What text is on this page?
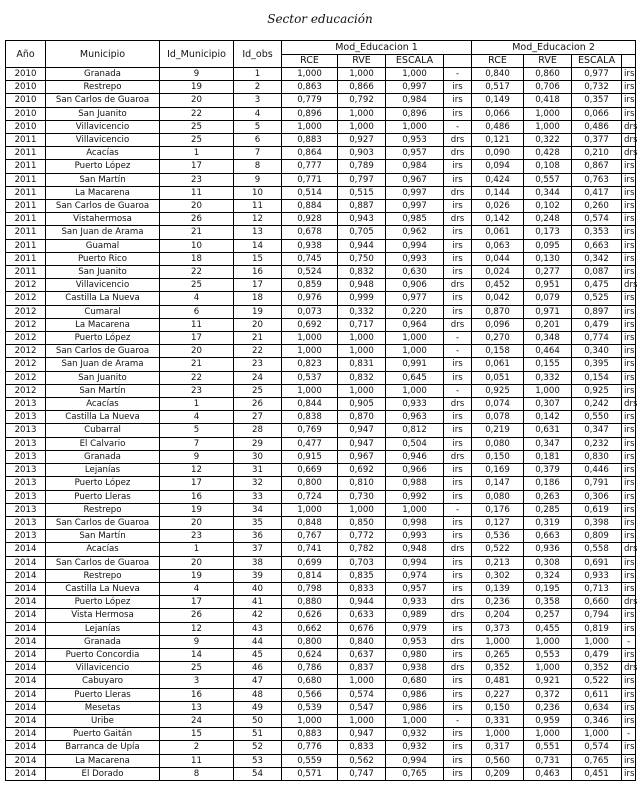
Sector educación
Año	Municipio	Id_Municipio	Id_obs	Mod_Educacion 1				Mod_Educacion 2			
				RCE	RVE	ESCALA		RCE	RVE	ESCALA	
2010	Granada	9	1	1,000	1,000	1,000	-	0,840	0,860	0,977	irs
2010	Restrepo	19	2	0,863	0,866	0,997	irs	0,517	0,706	0,732	irs
2010	San Carlos de Guaroa	20	3	0,779	0,792	0,984	irs	0,149	0,418	0,357	irs
2010	San Juanito	22	4	0,896	1,000	0,896	irs	0,066	1,000	0,066	irs
2010	Villavicencio	25	5	1,000	1,000	1,000	-	0,486	1,000	0,486	drs
2011	Villavicencio	25	6	0,883	0,927	0,953	drs	0,121	0,322	0,377	drs
2011	Acacías	1	7	0,864	0,903	0,957	drs	0,090	0,428	0,210	drs
2011	Puerto López	17	8	0,777	0,789	0,984	irs	0,094	0,108	0,867	irs
2011	San Martín	23	9	0,771	0,797	0,967	irs	0,424	0,557	0,763	irs
2011	La Macarena	11	10	0,514	0,515	0,997	drs	0,144	0,344	0,417	irs
2011	San Carlos de Guaroa	20	11	0,884	0,887	0,997	irs	0,026	0,102	0,260	irs
2011	Vistahermosa	26	12	0,928	0,943	0,985	drs	0,142	0,248	0,574	irs
2011	San Juan de Arama	21	13	0,678	0,705	0,962	irs	0,061	0,173	0,353	irs
2011	Guamal	10	14	0,938	0,944	0,994	irs	0,063	0,095	0,663	irs
2011	Puerto Rico	18	15	0,745	0,750	0,993	irs	0,044	0,130	0,342	irs
2011	San Juanito	22	16	0,524	0,832	0,630	irs	0,024	0,277	0,087	irs
2012	Villavicencio	25	17	0,859	0,948	0,906	drs	0,452	0,951	0,475	drs
2012	Castilla La Nueva	4	18	0,976	0,999	0,977	irs	0,042	0,079	0,525	irs
2012	Cumaral	6	19	0,073	0,332	0,220	irs	0,870	0,971	0,897	irs
2012	La Macarena	11	20	0,692	0,717	0,964	drs	0,096	0,201	0,479	irs
2012	Puerto López	17	21	1,000	1,000	1,000	-	0,270	0,348	0,774	irs
2012	San Carlos de Guaroa	20	22	1,000	1,000	1,000	-	0,158	0,464	0,340	irs
2012	San Juan de Arama	21	23	0,823	0,831	0,991	irs	0,061	0,155	0,395	irs
2012	San Juanito	22	24	0,537	0,832	0,645	irs	0,051	0,332	0,154	irs
2012	San Martín	23	25	1,000	1,000	1,000	-	0,925	1,000	0,925	irs
2013	Acacías	1	26	0,844	0,905	0,933	drs	0,074	0,307	0,242	drs
2013	Castilla La Nueva	4	27	0,838	0,870	0,963	irs	0,078	0,142	0,550	irs
2013	Cubarral	5	28	0,769	0,947	0,812	irs	0,219	0,631	0,347	irs
2013	El Calvario	7	29	0,477	0,947	0,504	irs	0,080	0,347	0,232	irs
2013	Granada	9	30	0,915	0,967	0,946	drs	0,150	0,181	0,830	irs
2013	Lejanías	12	31	0,669	0,692	0,966	irs	0,169	0,379	0,446	irs
2013	Puerto López	17	32	0,800	0,810	0,988	irs	0,147	0,186	0,791	irs
2013	Puerto Lleras	16	33	0,724	0,730	0,992	irs	0,080	0,263	0,306	irs
2013	Restrepo	19	34	1,000	1,000	1,000	-	0,176	0,285	0,619	irs
2013	San Carlos de Guaroa	20	35	0,848	0,850	0,998	irs	0,127	0,319	0,398	irs
2013	San Martín	23	36	0,767	0,772	0,993	irs	0,536	0,663	0,809	irs
2014	Acacías	1	37	0,741	0,782	0,948	drs	0,522	0,936	0,558	drs
2014	San Carlos de Guaroa	20	38	0,699	0,703	0,994	irs	0,213	0,308	0,691	irs
2014	Restrepo	19	39	0,814	0,835	0,974	irs	0,302	0,324	0,933	irs
2014	Castilla La Nueva	4	40	0,798	0,833	0,957	irs	0,139	0,195	0,713	irs
2014	Puerto López	17	41	0,880	0,944	0,933	drs	0,236	0,358	0,660	drs
2014	Vista Hermosa	26	42	0,626	0,633	0,989	drs	0,204	0,257	0,794	irs
2014	Lejanías	12	43	0,662	0,676	0,979	irs	0,373	0,455	0,819	irs
2014	Granada	9	44	0,800	0,840	0,953	drs	1,000	1,000	1,000	-
2014	Puerto Concordia	14	45	0,624	0,637	0,980	irs	0,265	0,553	0,479	irs
2014	Villavicencio	25	46	0,786	0,837	0,938	drs	0,352	1,000	0,352	drs
2014	Cabuyaro	3	47	0,680	1,000	0,680	irs	0,481	0,921	0,522	irs
2014	Puerto Lleras	16	48	0,566	0,574	0,986	irs	0,227	0,372	0,611	irs
2014	Mesetas	13	49	0,539	0,547	0,986	irs	0,150	0,236	0,634	irs
2014	Uribe	24	50	1,000	1,000	1,000	-	0,331	0,959	0,346	irs
2014	Puerto Gaitán	15	51	0,883	0,947	0,932	irs	1,000	1,000	1,000	-
2014	Barranca de Upía	2	52	0,776	0,833	0,932	irs	0,317	0,551	0,574	irs
2014	La Macarena	11	53	0,559	0,562	0,994	irs	0,560	0,731	0,765	irs
2014	El Dorado	8	54	0,571	0,747	0,765	irs	0,209	0,463	0,451	irs
